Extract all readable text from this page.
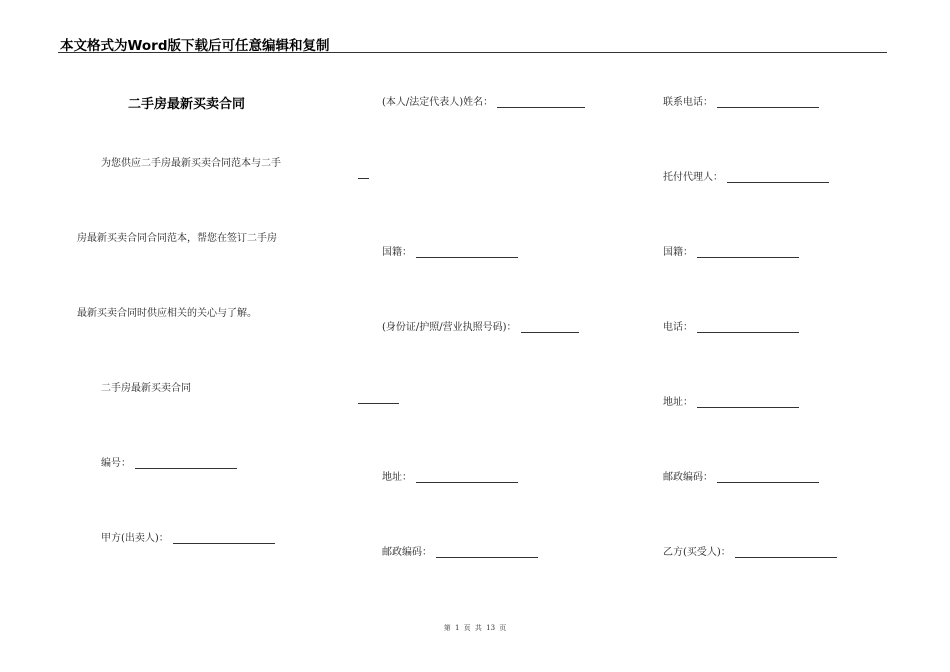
本文格式为Word版下载后可任意编辑和复制
二手房最新买卖合同
为您供应二手房最新买卖合同范本与二手
房最新买卖合同合同范本，帮您在签订二手房
最新买卖合同时供应相关的关心与了解。
二手房最新买卖合同
编号：
甲方(出卖人)：
(本人/法定代表人)姓名：
国籍：
(身份证/护照/营业执照号码)：
地址：
邮政编码：
联系电话：
托付代理人：
国籍：
电话：
地址：
邮政编码：
乙方(买受人)：
第 1 页 共 13 页
